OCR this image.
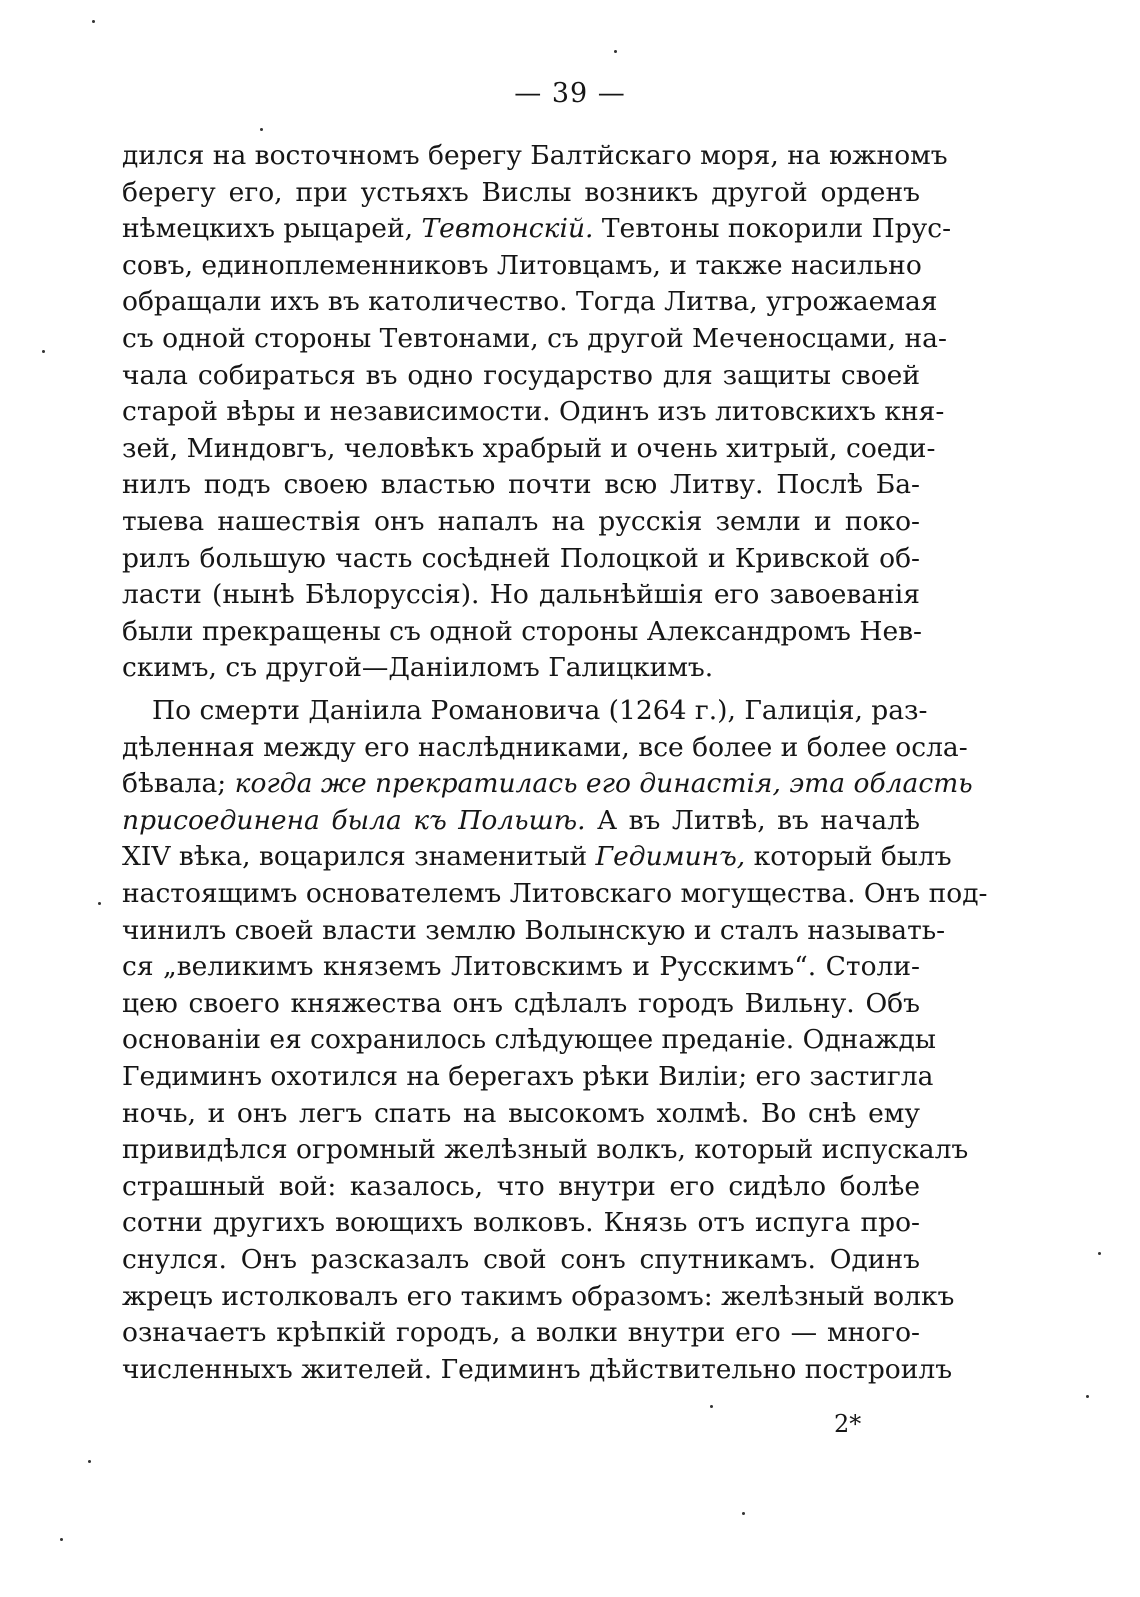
— 39 —
дился на восточномъ берегу Балтйскаго моря, на южномъ
берегу его, при устьяхъ Вислы возникъ другой орденъ
нѣмецкихъ рыцарей, Тевтонскій. Тевтоны покорили Прус-
совъ, единоплеменниковъ Литовцамъ, и также насильно
обращали ихъ въ католичество. Тогда Литва, угрожаемая
съ одной стороны Тевтонами, съ другой Меченосцами, на-
чала собираться въ одно государство для защиты своей
старой вѣры и независимости. Одинъ изъ литовскихъ кня-
зей, Миндовгъ, человѣкъ храбрый и очень хитрый, соеди-
нилъ подъ своею властью почти всю Литву. Послѣ Ба-
тыева нашествія онъ напалъ на русскія земли и поко-
рилъ большую часть сосѣдней Полоцкой и Кривской об-
ласти (нынѣ Бѣлоруссія). Но дальнѣйшія его завоеванія
были прекращены съ одной стороны Александромъ Нев-
скимъ, съ другой—Даніиломъ Галицкимъ.
По смерти Даніила Романовича (1264 г.), Галиція, раз-
дѣленная между его наслѣдниками, все более и более осла-
бѣвала; когда же прекратилась его династія, эта область
присоединена была къ Польшѣ. А въ Литвѣ, въ началѣ
XIV вѣка, воцарился знаменитый Гедиминъ, который былъ
настоящимъ основателемъ Литовскаго могущества. Онъ под-
чинилъ своей власти землю Волынскую и сталъ называть-
ся „великимъ княземъ Литовскимъ и Русскимъ“. Столи-
цею своего княжества онъ сдѣлалъ городъ Вильну. Объ
основаніи ея сохранилось слѣдующее преданіе. Однажды
Гедиминъ охотился на берегахъ рѣки Виліи; его застигла
ночь, и онъ легъ спать на высокомъ холмѣ. Во снѣ ему
привидѣлся огромный желѣзный волкъ, который испускалъ
страшный вой: казалось, что внутри его сидѣло болѣе
сотни другихъ воющихъ волковъ. Князь отъ испуга про-
снулся. Онъ разсказалъ свой сонъ спутникамъ. Одинъ
жрецъ истолковалъ его такимъ образомъ: желѣзный волкъ
означаетъ крѣпкій городъ, а волки внутри его — много-
численныхъ жителей. Гедиминъ дѣйствительно построилъ
2*
